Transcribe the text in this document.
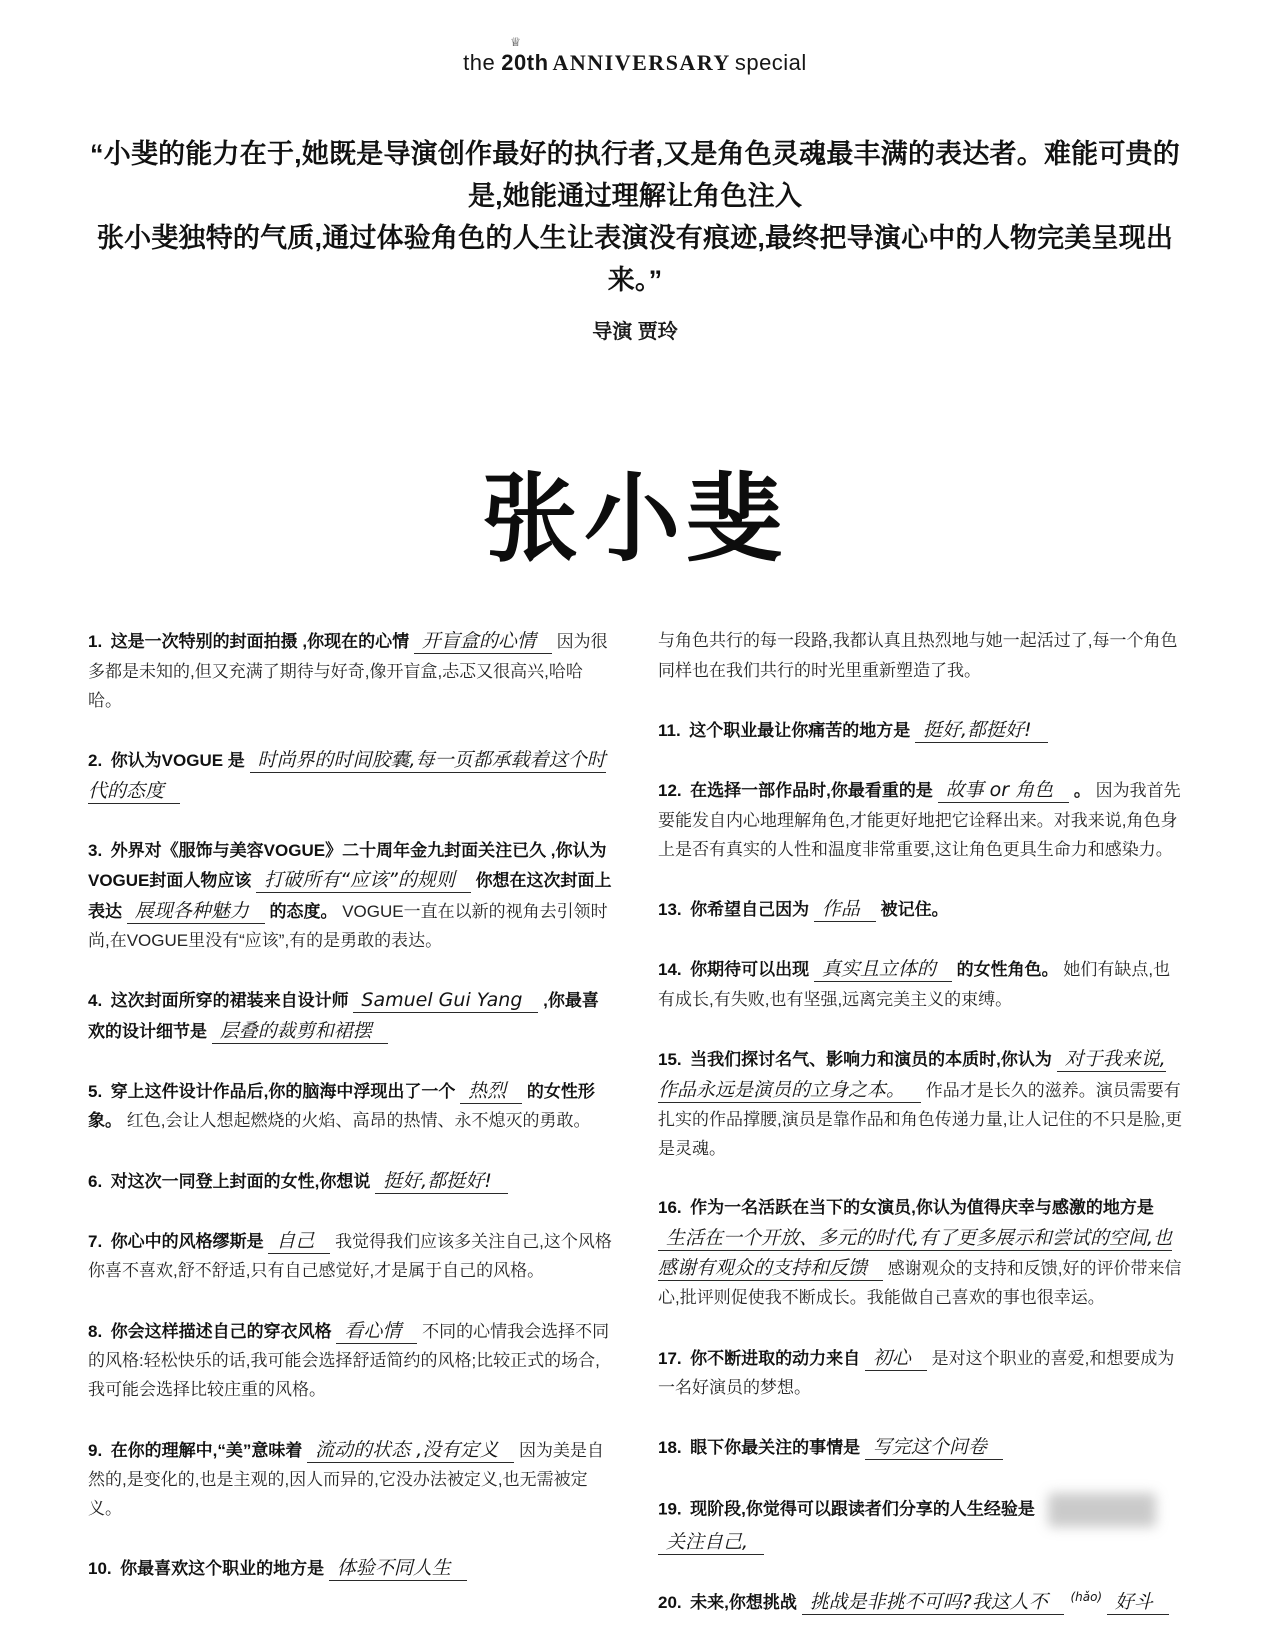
the 20th
♕
ANNIVERSARY special
“小斐的能力在于,她既是导演创作最好的执行者,又是角色灵魂最丰满的表达者。难能可贵的是,她能通过理解让角色注入
张小斐独特的气质,通过体验角色的人生让表演没有痕迹,最终把导演心中的人物完美呈现出来。”
导演 贾玲
张小斐

1. 这是一次特别的封面拍摄 ,你现在的心情 开盲盒的心情 因为很多都是未知的,但又充满了期待与好奇,像开盲盒,忐忑又很高兴,哈哈哈。

2. 你认为VOGUE 是 时尚界的时间胶囊,每一页都承载着这个时代的态度

3. 外界对《服饰与美容VOGUE》二十周年金九封面关注已久 ,你认为VOGUE封面人物应该 打破所有“应该”的规则 你想在这次封面上表达 展现各种魅力 的态度。 VOGUE一直在以新的视角去引领时尚,在VOGUE里没有“应该”,有的是勇敢的表达。

4. 这次封面所穿的裙装来自设计师 Samuel Gui Yang ,你最喜欢的设计细节是 层叠的裁剪和裙摆

5. 穿上这件设计作品后,你的脑海中浮现出了一个 热烈 的女性形象。 红色,会让人想起燃烧的火焰、高昂的热情、永不熄灭的勇敢。

6. 对这次一同登上封面的女性,你想说 挺好,都挺好!

7. 你心中的风格缪斯是 自己 我觉得我们应该多关注自己,这个风格你喜不喜欢,舒不舒适,只有自己感觉好,才是属于自己的风格。

8. 你会这样描述自己的穿衣风格 看心情 不同的心情我会选择不同的风格:轻松快乐的话,我可能会选择舒适简约的风格;比较正式的场合,我可能会选择比较庄重的风格。

9. 在你的理解中,“美”意味着 流动的状态 ,没有定义 因为美是自然的,是变化的,也是主观的,因人而异的,它没办法被定义,也无需被定义。

10. 你最喜欢这个职业的地方是 体验不同人生

与角色共行的每一段路,我都认真且热烈地与她一起活过了,每一个角色同样也在我们共行的时光里重新塑造了我。

11. 这个职业最让你痛苦的地方是 挺好,都挺好!

12. 在选择一部作品时,你最看重的是 故事 or 角色 。 因为我首先要能发自内心地理解角色,才能更好地把它诠释出来。对我来说,角色身上是否有真实的人性和温度非常重要,这让角色更具生命力和感染力。

13. 你希望自己因为 作品 被记住。

14. 你期待可以出现 真实且立体的 的女性角色。 她们有缺点,也有成长,有失败,也有坚强,远离完美主义的束缚。

15. 当我们探讨名气、影响力和演员的本质时,你认为 对于我来说,作品永远是演员的立身之本。 作品才是长久的滋养。演员需要有扎实的作品撑腰,演员是靠作品和角色传递力量,让人记住的不只是脸,更是灵魂。

16. 作为一名活跃在当下的女演员,你认为值得庆幸与感激的地方是 生活在一个开放、多元的时代,有了更多展示和尝试的空间,也感谢有观众的支持和反馈 感谢观众的支持和反馈,好的评价带来信心,批评则促使我不断成长。我能做自己喜欢的事也很幸运。

17. 你不断进取的动力来自 初心 是对这个职业的喜爱,和想要成为一名好演员的梦想。

18. 眼下你最关注的事情是 写完这个问卷

19. 现阶段,你觉得可以跟读者们分享的人生经验是 关注自己,

20. 未来,你想挑战 挑战是非挑不可吗?我这人不 $^{(hǎo)}$ 好斗
